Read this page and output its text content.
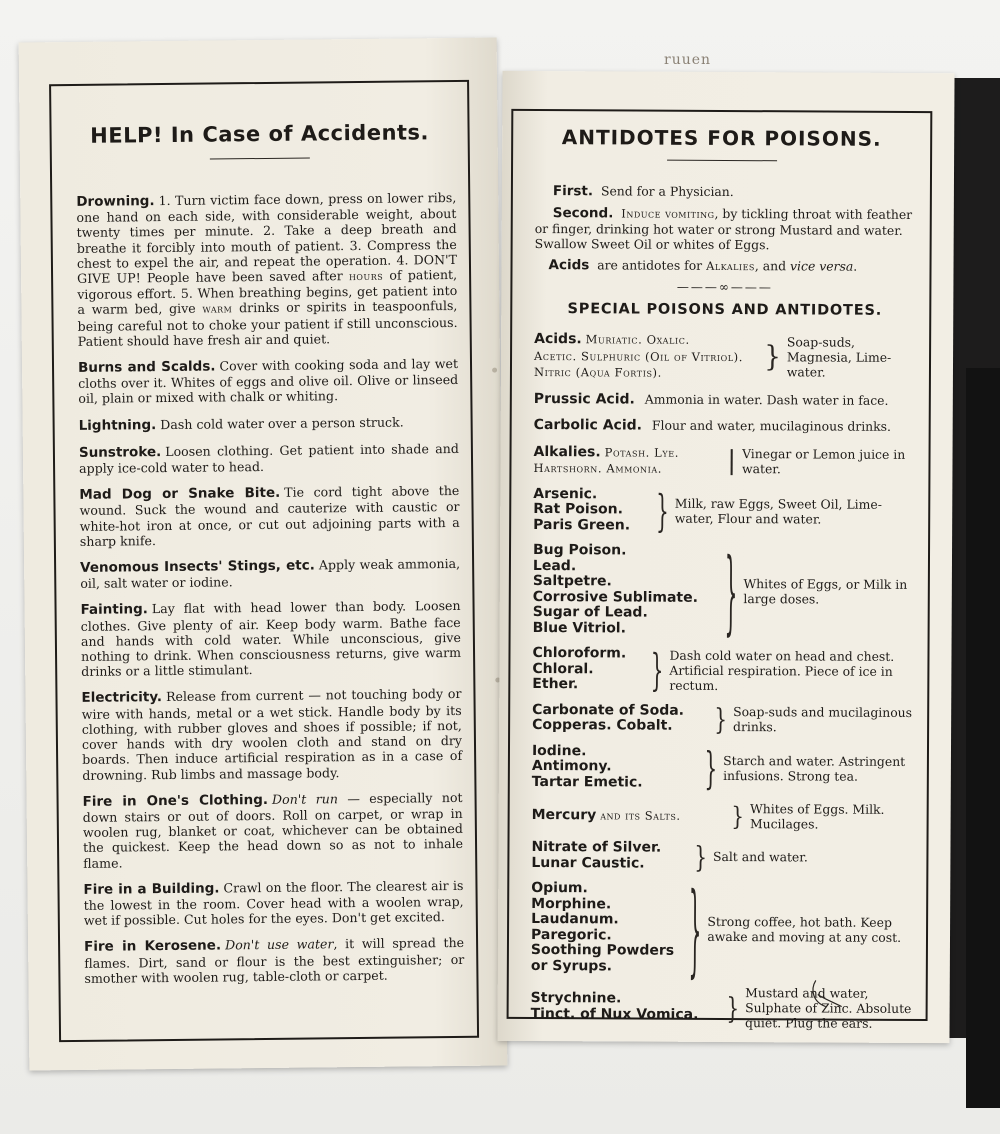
ruuen
HELP! In Case of Accidents.
Drowning. 1. Turn victim face down, press on lower ribs, one hand on each side, with considerable weight, about twenty times per minute. 2. Take a deep breath and breathe it forcibly into mouth of patient. 3. Compress the chest to expel the air, and repeat the operation. 4. DON'T GIVE UP! People have been saved after hours of patient, vigorous effort. 5. When breathing begins, get patient into a warm bed, give warm drinks or spirits in teaspoonfuls, being careful not to choke your patient if still unconscious. Patient should have fresh air and quiet.
Burns and Scalds. Cover with cooking soda and lay wet cloths over it. Whites of eggs and olive oil. Olive or linseed oil, plain or mixed with chalk or whiting.
Lightning. Dash cold water over a person struck.
Sunstroke. Loosen clothing. Get patient into shade and apply ice-cold water to head.
Mad Dog or Snake Bite. Tie cord tight above the wound. Suck the wound and cauterize with caustic or white-hot iron at once, or cut out adjoining parts with a sharp knife.
Venomous Insects' Stings, etc. Apply weak ammonia, oil, salt water or iodine.
Fainting. Lay flat with head lower than body. Loosen clothes. Give plenty of air. Keep body warm. Bathe face and hands with cold water. While unconscious, give nothing to drink. When consciousness returns, give warm drinks or a little stimulant.
Electricity. Release from current — not touching body or wire with hands, metal or a wet stick. Handle body by its clothing, with rubber gloves and shoes if possible; if not, cover hands with dry woolen cloth and stand on dry boards. Then induce artificial respiration as in a case of drowning. Rub limbs and massage body.
Fire in One's Clothing. Don't run — especially not down stairs or out of doors. Roll on carpet, or wrap in woolen rug, blanket or coat, whichever can be obtained the quickest. Keep the head down so as not to inhale flame.
Fire in a Building. Crawl on the floor. The clearest air is the lowest in the room. Cover head with a woolen wrap, wet if possible. Cut holes for the eyes. Don't get excited.
Fire in Kerosene. Don't use water, it will spread the flames. Dirt, sand or flour is the best extinguisher; or smother with woolen rug, table-cloth or carpet.
ANTIDOTES FOR POISONS.

First. Send for a Physician.

Second. Induce vomiting, by tickling throat with feather or finger, drinking hot water or strong Mustard and water. Swallow Sweet Oil or whites of Eggs.

Acids are antidotes for Alkalies, and vice versa.

———∞———
SPECIAL POISONS AND ANTIDOTES.
Acids. Muriatic. Oxalic.
Acetic. Sulphuric (Oil of Vitriol). Nitric (Aqua Fortis).	} Soap-suds, Magnesia, Lime-water.
Prussic Acid. Ammonia in water. Dash water in face.
Carbolic Acid. Flour and water, mucilaginous drinks.
Alkalies. Potash. Lye.
Hartshorn. Ammonia.	| Vinegar or Lemon juice in water.
Arsenic.
Rat Poison.
Paris Green.	} Milk, raw Eggs, Sweet Oil, Lime-water, Flour and water.
Bug Poison.
Lead.
Saltpetre.
Corrosive Sublimate.
Sugar of Lead.
Blue Vitriol.	} Whites of Eggs, or Milk in large doses.
Chloroform.
Chloral.
Ether.	} Dash cold water on head and chest. Artificial respiration. Piece of ice in rectum.
Carbonate of Soda.
Copperas. Cobalt.	} Soap-suds and mucilaginous drinks.
Iodine.
Antimony.
Tartar Emetic.	} Starch and water. Astringent infusions. Strong tea.
Mercury and its Salts.	} Whites of Eggs. Milk. Mucilages.
Nitrate of Silver.
Lunar Caustic.	} Salt and water.
Opium.
Morphine.
Laudanum.
Paregoric.
Soothing Powders
or Syrups.	} Strong coffee, hot bath. Keep awake and moving at any cost.
Strychnine.
Tinct. of Nux Vomica.	} Mustard and water, Sulphate of Zinc. Absolute quiet. Plug the ears.
